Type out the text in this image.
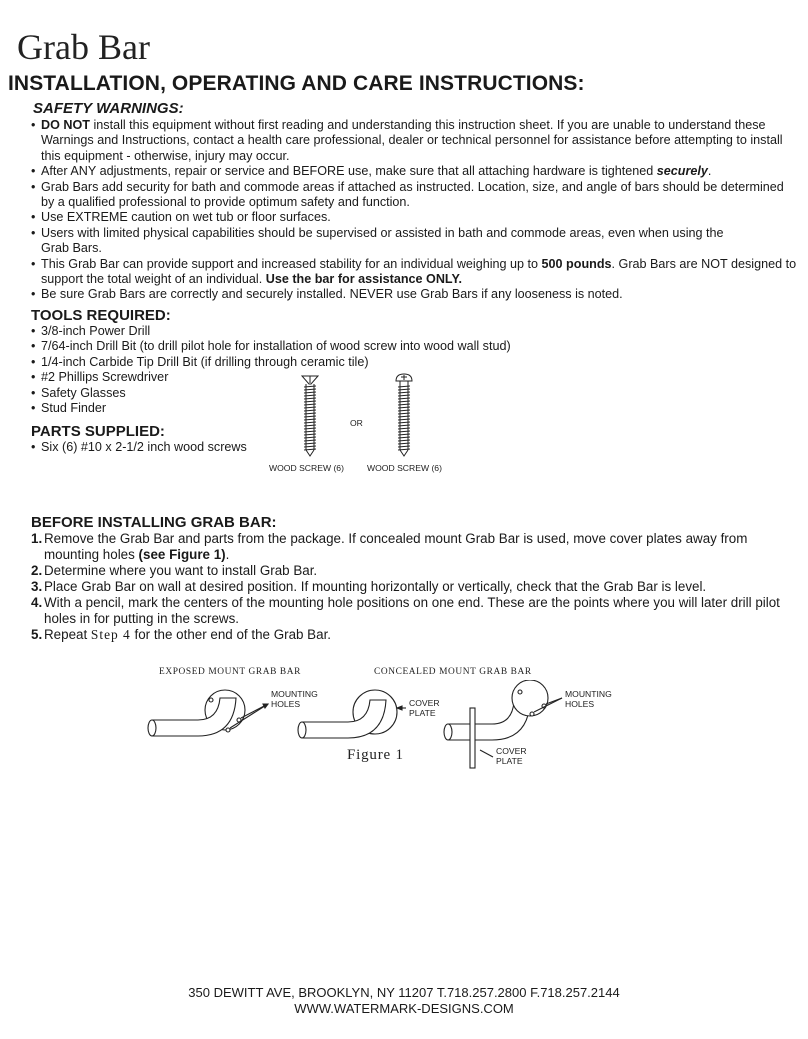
Grab Bar
INSTALLATION, OPERATING AND CARE INSTRUCTIONS:
SAFETY WARNINGS:
• DO NOT install this equipment without first reading and understanding this instruction sheet. If you are unable to understand these Warnings and Instructions, contact a health care professional, dealer or technical personnel for assistance before attempting to install this equipment - otherwise, injury may occur.
• After ANY adjustments, repair or service and BEFORE use, make sure that all attaching hardware is tightened securely.
• Grab Bars add security for bath and commode areas if attached as instructed. Location, size, and angle of bars should be determined by a qualified professional to provide optimum safety and function.
• Use EXTREME caution on wet tub or floor surfaces.
• Users with limited physical capabilities should be supervised or assisted in bath and commode areas, even when using the
Grab Bars.
• This Grab Bar can provide support and increased stability for an individual weighing up to 500 pounds. Grab Bars are NOT designed to support the total weight of an individual. Use the bar for assistance ONLY.
• Be sure Grab Bars are correctly and securely installed. NEVER use Grab Bars if any looseness is noted.
TOOLS REQUIRED:
• 3/8-inch Power Drill
• 7/64-inch Drill Bit (to drill pilot hole for installation of wood screw into wood wall stud)
• 1/4-inch Carbide Tip Drill Bit (if drilling through ceramic tile)
• #2 Phillips Screwdriver
• Safety Glasses
• Stud Finder
PARTS SUPPLIED:
• Six (6) #10 x 2-1/2 inch wood screws
OR
WOOD SCREW (6)	WOOD SCREW (6)
BEFORE INSTALLING GRAB BAR:
1. Remove the Grab Bar and parts from the package. If concealed mount Grab Bar is used, move cover plates away from mounting holes (see Figure 1).
2. Determine where you want to install Grab Bar.
3. Place Grab Bar on wall at desired position. If mounting horizontally or vertically, check that the Grab Bar is level.
4. With a pencil, mark the centers of the mounting hole positions on one end. These are the points where you will later drill pilot holes in for putting in the screws.
5. Repeat Step 4 for the other end of the Grab Bar.
EXPOSED MOUNT GRAB BAR	CONCEALED MOUNT GRAB BAR
MOUNTING
HOLES	COVER
PLATE
MOUNTING
HOLES
COVER
PLATE
Figure 1
350 DEWITT AVE, BROOKLYN, NY 11207 T.718.257.2800 F.718.257.2144
WWW.WATERMARK-DESIGNS.COM
